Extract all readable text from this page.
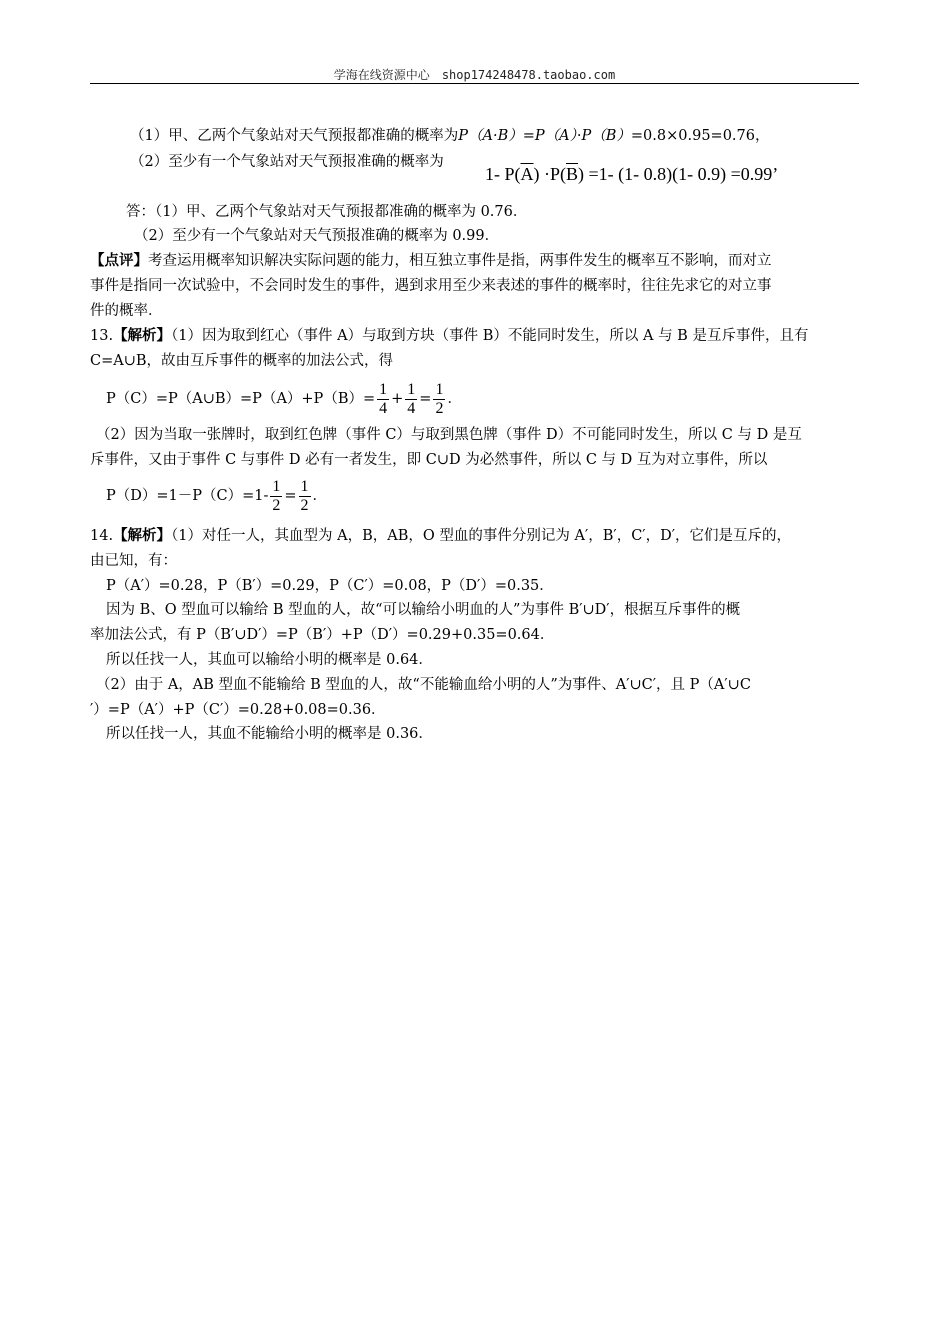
学海在线资源中心 shop174248478.taobao.com
（1）甲、乙两个气象站对天气预报都准确的概率为P（A·B）=P（A）·P（B）=0.8×0.95=0.76，
（2）至少有一个气象站对天气预报准确的概率为
1- $P(\overline{A}) \cdot P(\overline{B}) =1-$ (1- 0.8)(1- 0.9) =0.99’
答：（1）甲、乙两个气象站对天气预报都准确的概率为 0.76．
（2）至少有一个气象站对天气预报准确的概率为 0.99．
【点评】考查运用概率知识解决实际问题的能力，相互独立事件是指，两事件发生的概率互不影响，而对立
事件是指同一次试验中，不会同时发生的事件，遇到求用至少来表述的事件的概率时，往往先求它的对立事
件的概率．
13.【解析】（1）因为取到红心（事件 A）与取到方块（事件 B）不能同时发生，所以 A 与 B 是互斥事件，且有
C=A∪B，故由互斥事件的概率的加法公式，得
P（C）=P（A∪B）=P（A）+P（B）= $\frac{1}{4} + \frac{1}{4} = \frac{1}{2}$ ．
（2）因为当取一张牌时，取到红色牌（事件 C）与取到黑色牌（事件 D）不可能同时发生，所以 C 与 D 是互
斥事件，又由于事件 C 与事件 D 必有一者发生，即 C∪D 为必然事件，所以 C 与 D 互为对立事件，所以
$P(D)=1-P(C)=1- \frac{1}{2} = \frac{1}{2}$ ．
14.【解析】（1）对任一人，其血型为 A，B，AB，O 型血的事件分别记为 A′，B′，C′，D′，它们是互斥的，
由已知，有：
P（A′）=0.28，P（B′）=0.29，P（C′）=0.08，P（D′）=0.35．
因为 B、O 型血可以输给 B 型血的人，故“可以输给小明血的人”为事件 B′∪D′，根据互斥事件的概
率加法公式，有 P（B′∪D′）=P（B′）+P（D′）=0.29+0.35=0.64．
所以任找一人，其血可以输给小明的概率是 0.64．
（2）由于 A，AB 型血不能输给 B 型血的人，故“不能输血给小明的人”为事件、A′∪C′，且 P（A′∪C
′）=P（A′）+P（C′）=0.28+0.08=0.36．
所以任找一人，其血不能输给小明的概率是 0.36．
